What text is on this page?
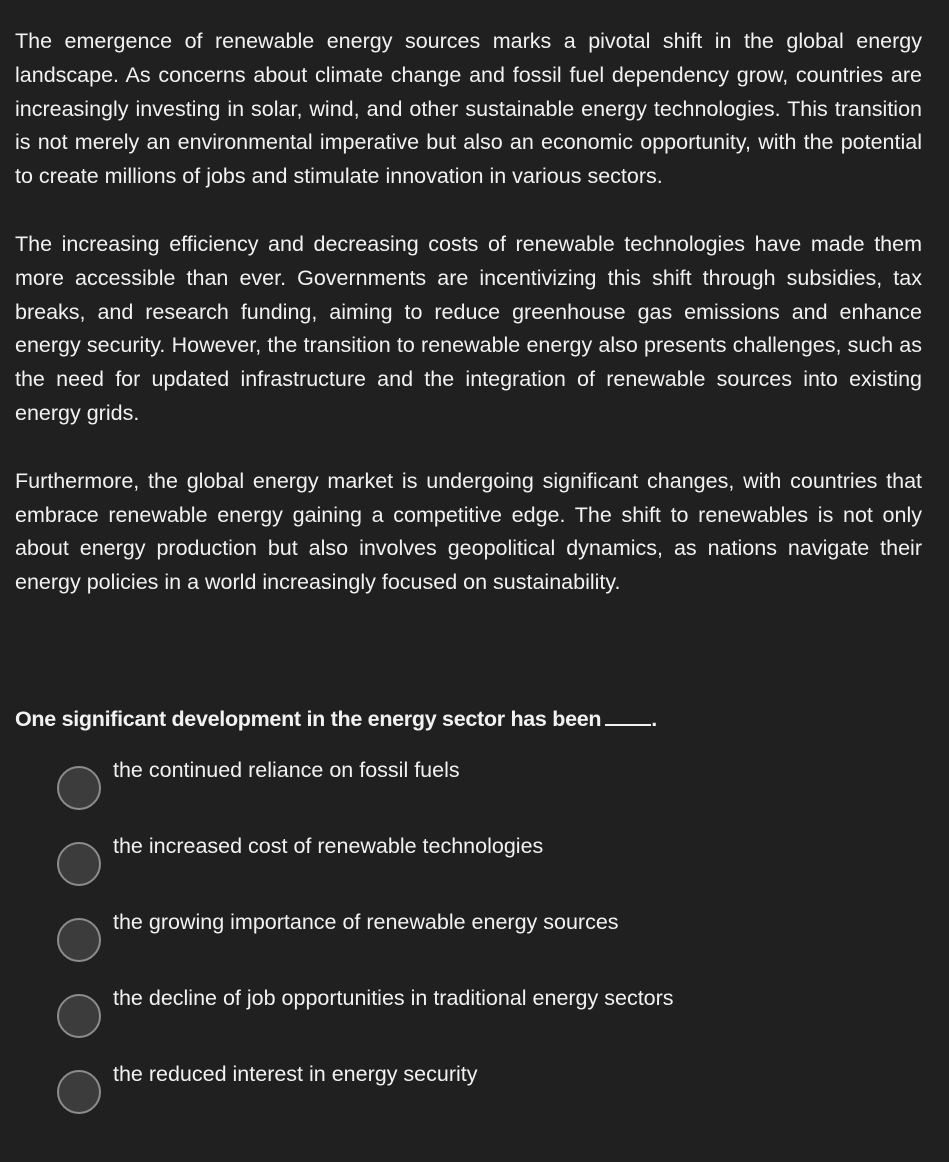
The emergence of renewable energy sources marks a pivotal shift in the global energy landscape. As concerns about climate change and fossil fuel dependency grow, countries are increasingly investing in solar, wind, and other sustainable energy technologies. This transition is not merely an environmental imperative but also an economic opportunity, with the potential to create millions of jobs and stimulate innovation in various sectors.

The increasing efficiency and decreasing costs of renewable technologies have made them more accessible than ever. Governments are incentivizing this shift through subsidies, tax breaks, and research funding, aiming to reduce greenhouse gas emissions and enhance energy security. However, the transition to renewable energy also presents challenges, such as the need for updated infrastructure and the integration of renewable sources into existing energy grids.

Furthermore, the global energy market is undergoing significant changes, with countries that embrace renewable energy gaining a competitive edge. The shift to renewables is not only about energy production but also involves geopolitical dynamics, as nations navigate their energy policies in a world increasingly focused on sustainability.

One significant development in the energy sector has been .
the continued reliance on fossil fuels
the increased cost of renewable technologies
the growing importance of renewable energy sources
the decline of job opportunities in traditional energy sectors
the reduced interest in energy security
